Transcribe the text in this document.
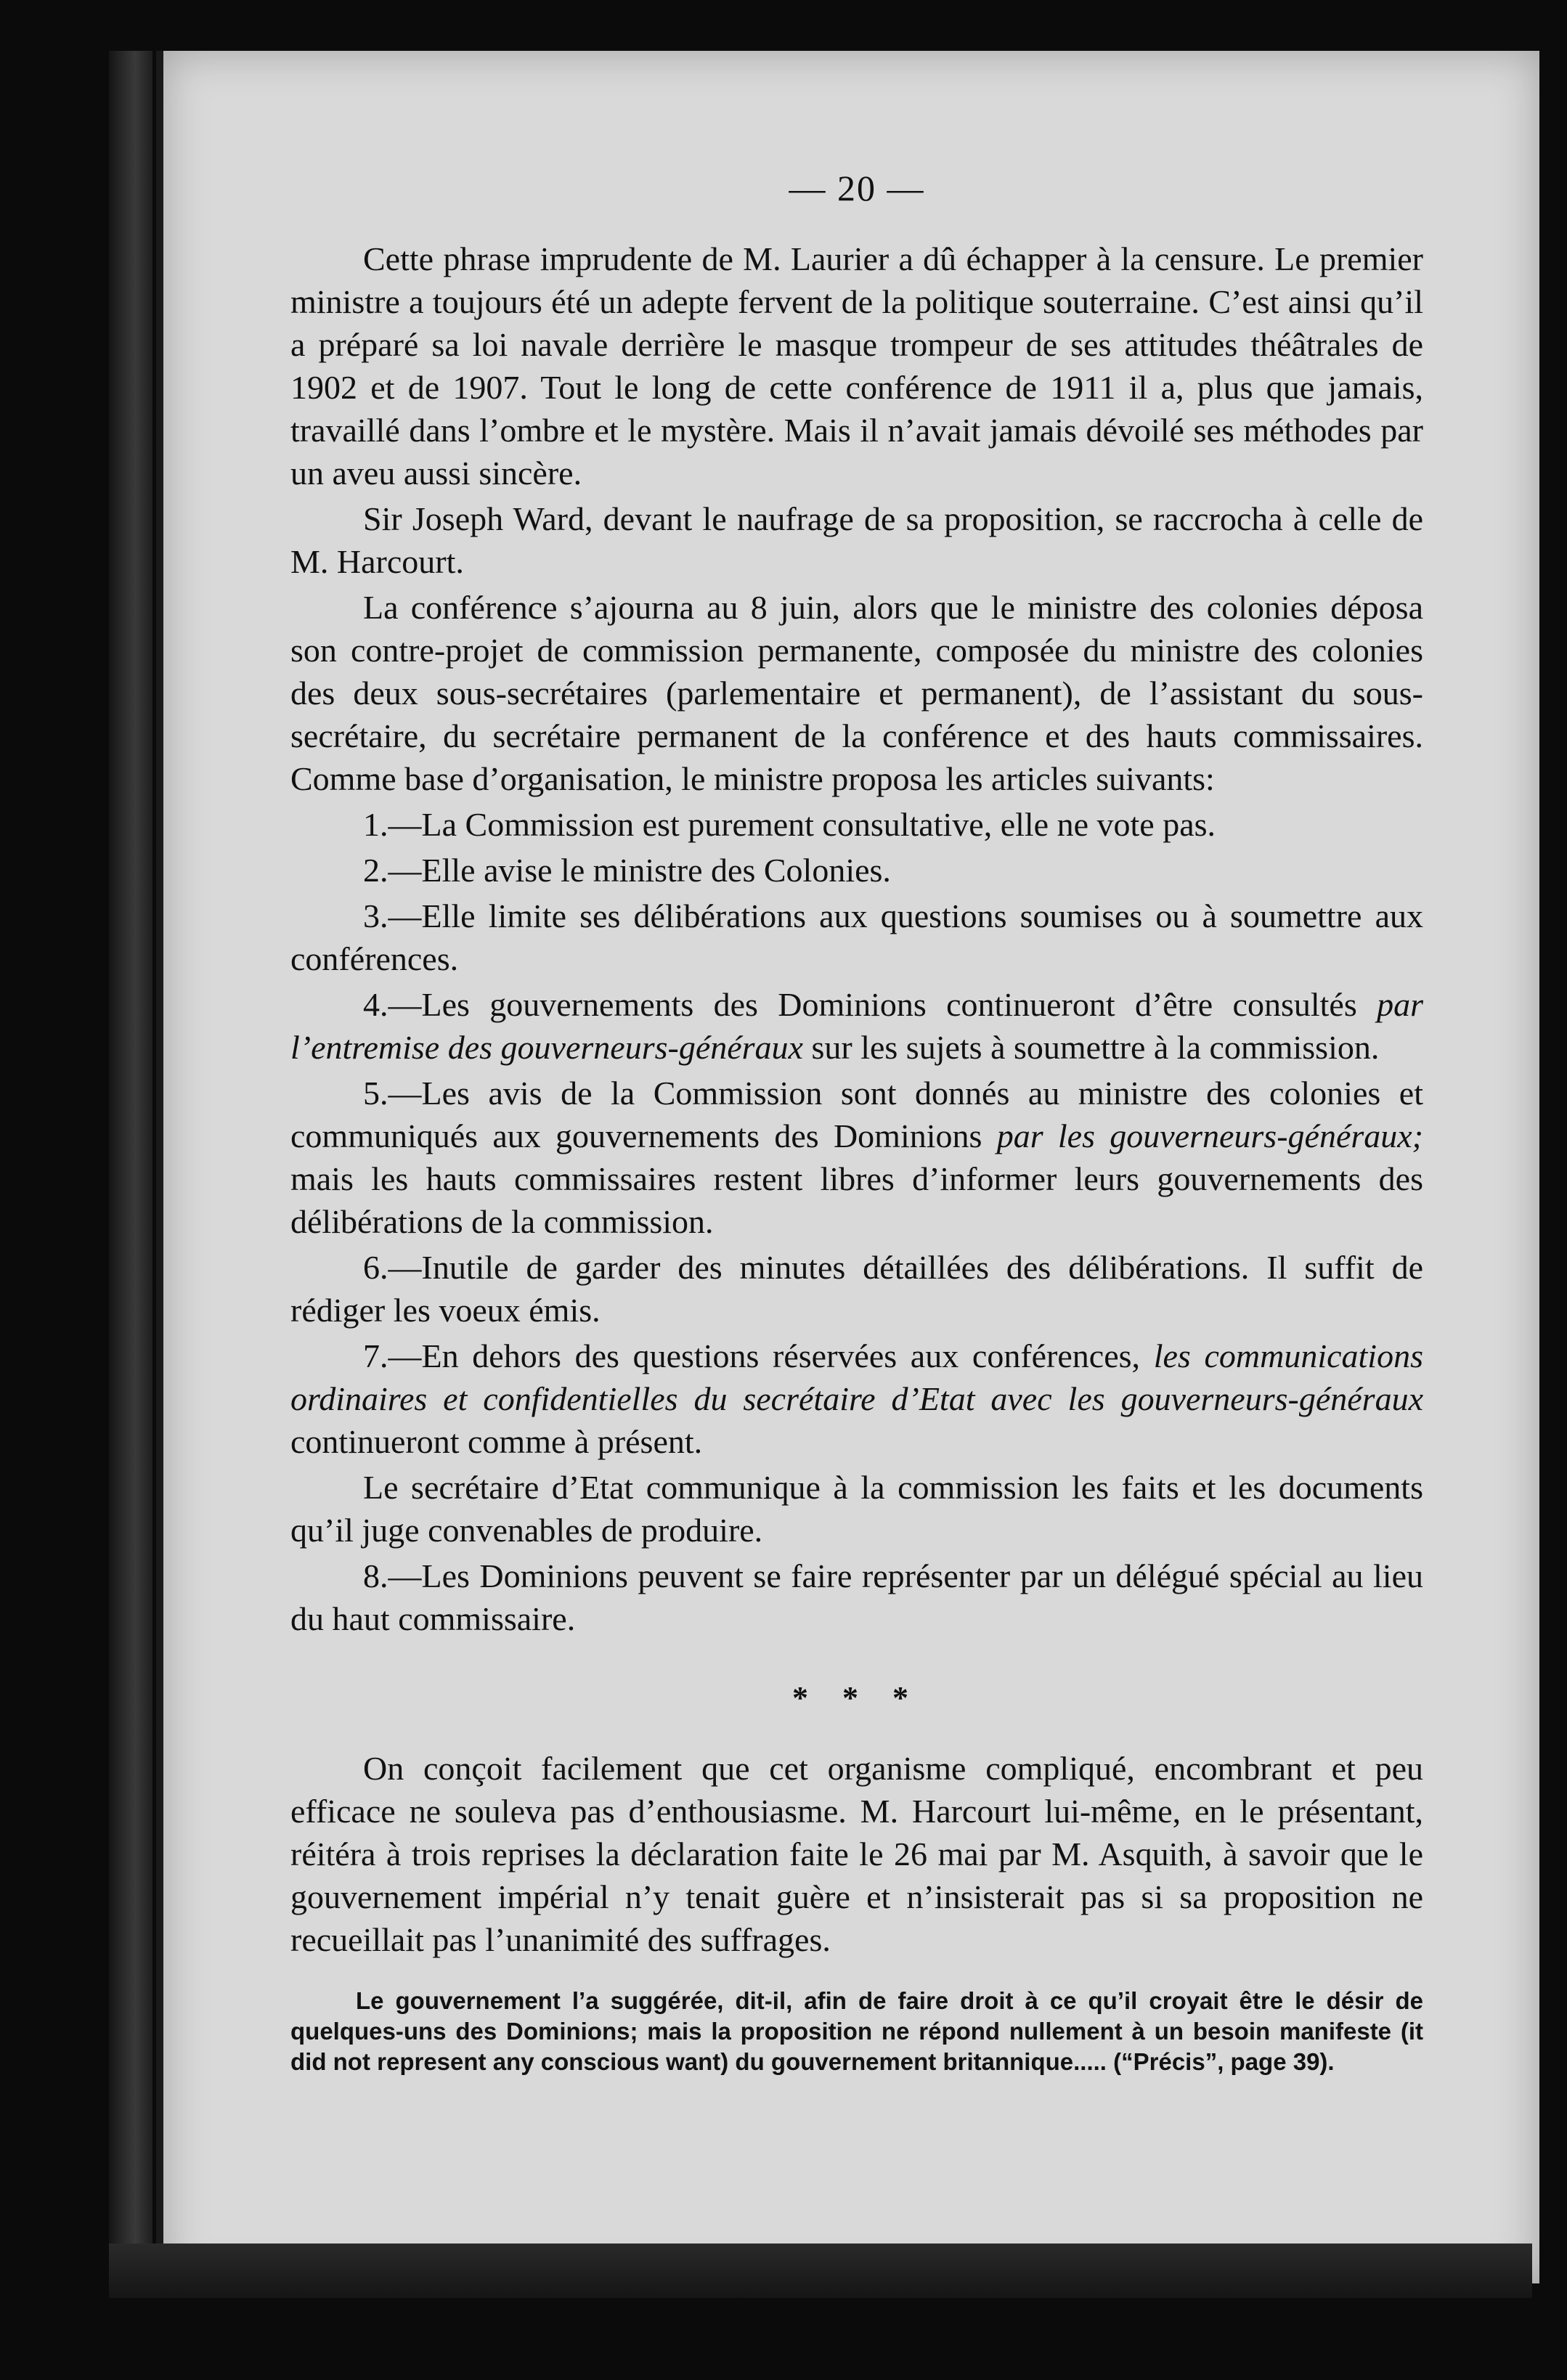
— 20 —

Cette phrase imprudente de M. Laurier a dû échapper à la censure. Le premier ministre a toujours été un adepte fervent de la politique souterraine. C’est ainsi qu’il a préparé sa loi navale derrière le masque trompeur de ses attitudes théâtrales de 1902 et de 1907. Tout le long de cette conférence de 1911 il a, plus que jamais, travaillé dans l’ombre et le mystère. Mais il n’avait jamais dévoilé ses méthodes par un aveu aussi sincère.

Sir Joseph Ward, devant le naufrage de sa proposition, se raccrocha à celle de M. Harcourt.

La conférence s’ajourna au 8 juin, alors que le ministre des colonies déposa son contre-projet de commission permanente, composée du ministre des colonies des deux sous-secrétaires (parlementaire et permanent), de l’assistant du sous-secrétaire, du secrétaire permanent de la conférence et des hauts commissaires. Comme base d’organisation, le ministre proposa les articles suivants:

1.—La Commission est purement consultative, elle ne vote pas.

2.—Elle avise le ministre des Colonies.

3.—Elle limite ses délibérations aux questions soumises ou à soumettre aux conférences.

4.—Les gouvernements des Dominions continueront d’être consultés par l’entremise des gouverneurs-généraux sur les sujets à soumettre à la commission.

5.—Les avis de la Commission sont donnés au ministre des colonies et communiqués aux gouvernements des Dominions par les gouverneurs-généraux; mais les hauts commissaires restent libres d’informer leurs gouvernements des délibérations de la commission.

6.—Inutile de garder des minutes détaillées des délibérations. Il suffit de rédiger les voeux émis.

7.—En dehors des questions réservées aux conférences, les communications ordinaires et confidentielles du secrétaire d’Etat avec les gouverneurs-généraux continueront comme à présent.

Le secrétaire d’Etat communique à la commission les faits et les documents qu’il juge convenables de produire.

8.—Les Dominions peuvent se faire représenter par un délégué spécial au lieu du haut commissaire.

* * *

On conçoit facilement que cet organisme compliqué, encombrant et peu efficace ne souleva pas d’enthousiasme. M. Harcourt lui-même, en le présentant, réitéra à trois reprises la déclaration faite le 26 mai par M. Asquith, à savoir que le gouvernement impérial n’y tenait guère et n’insisterait pas si sa proposition ne recueillait pas l’unanimité des suffrages.

Le gouvernement l’a suggérée, dit-il, afin de faire droit à ce qu’il croyait être le désir de quelques-uns des Dominions; mais la proposition ne répond nullement à un besoin manifeste (it did not represent any conscious want) du gouvernement britannique..... (“Précis”, page 39).
